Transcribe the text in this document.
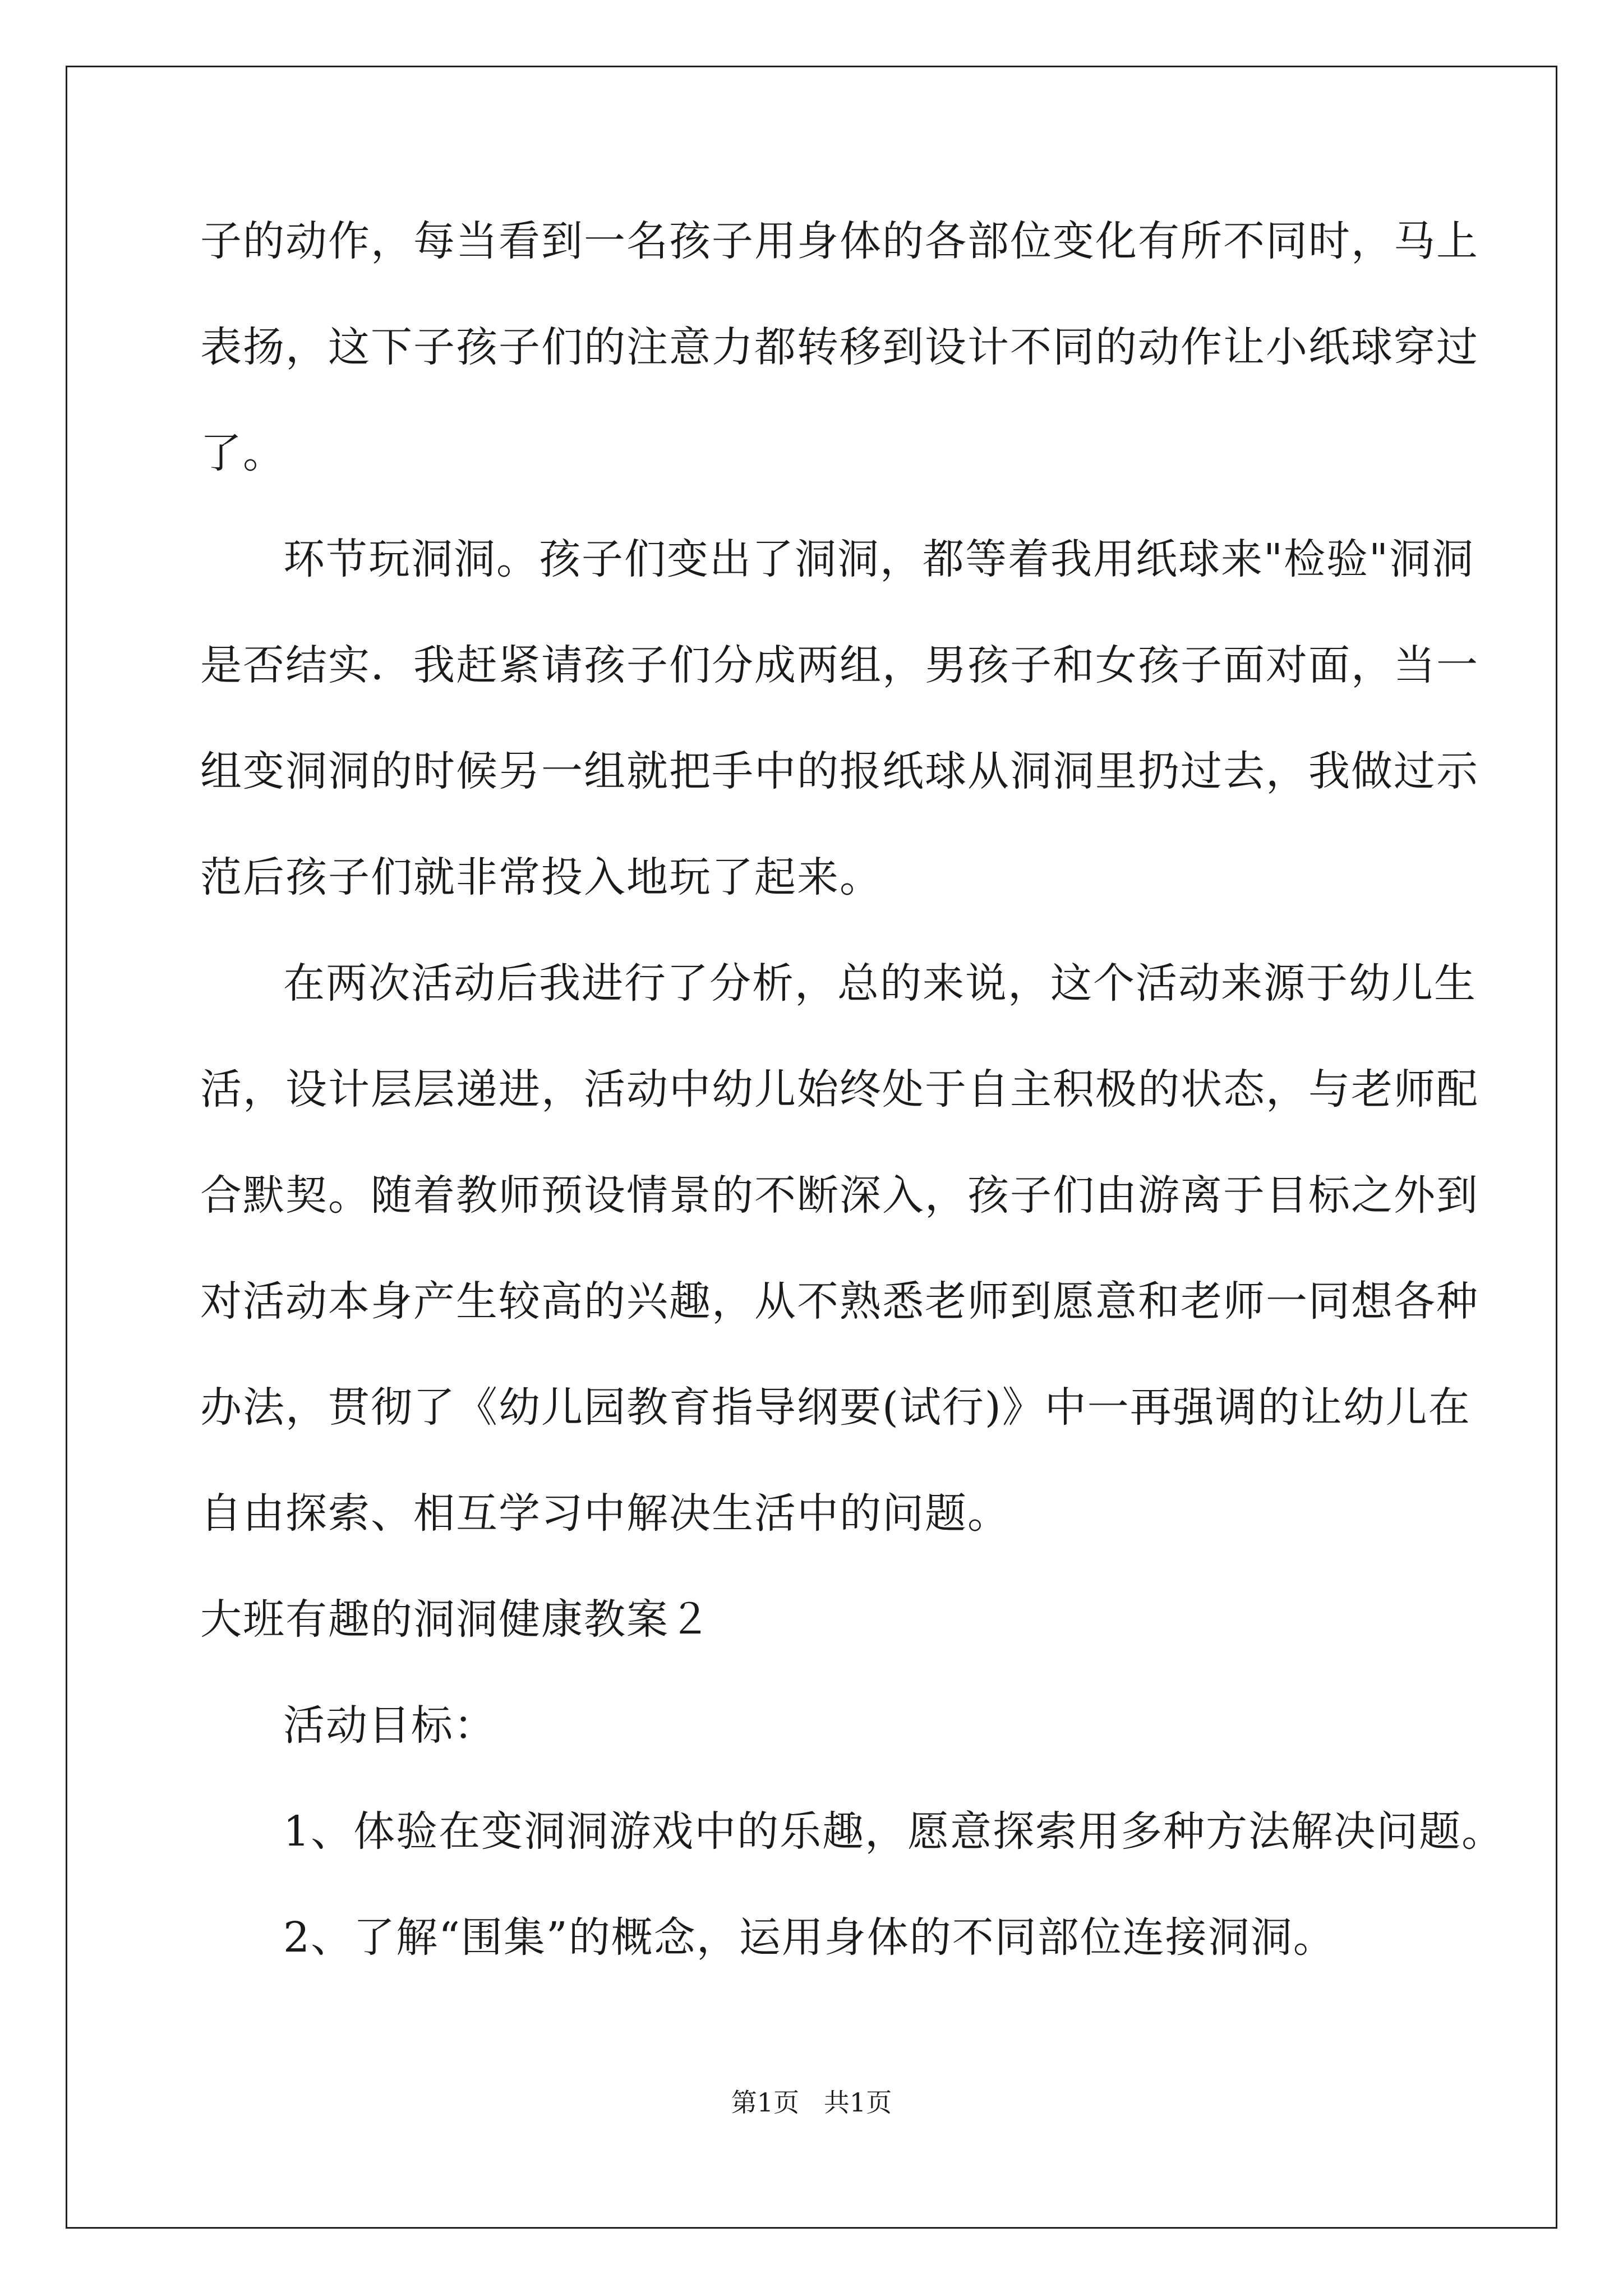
子的动作，每当看到一名孩子用身体的各部位变化有所不同时，马上
表扬，这下子孩子们的注意力都转移到设计不同的动作让小纸球穿过
了。
环节玩洞洞。孩子们变出了洞洞，都等着我用纸球来"检验"洞洞
是否结实．我赶紧请孩子们分成两组，男孩子和女孩子面对面，当一
组变洞洞的时候另一组就把手中的报纸球从洞洞里扔过去，我做过示
范后孩子们就非常投入地玩了起来。
在两次活动后我进行了分析，总的来说，这个活动来源于幼儿生
活，设计层层递进，活动中幼儿始终处于自主积极的状态，与老师配
合默契。随着教师预设情景的不断深入，孩子们由游离于目标之外到
对活动本身产生较高的兴趣，从不熟悉老师到愿意和老师一同想各种
办法，贯彻了《幼儿园教育指导纲要(试行)》中一再强调的让幼儿在
自由探索、相互学习中解决生活中的问题。
大班有趣的洞洞健康教案２
活动目标：
1、体验在变洞洞游戏中的乐趣，愿意探索用多种方法解决问题。
2、了解“围集”的概念，运用身体的不同部位连接洞洞。
第1页   共1页
